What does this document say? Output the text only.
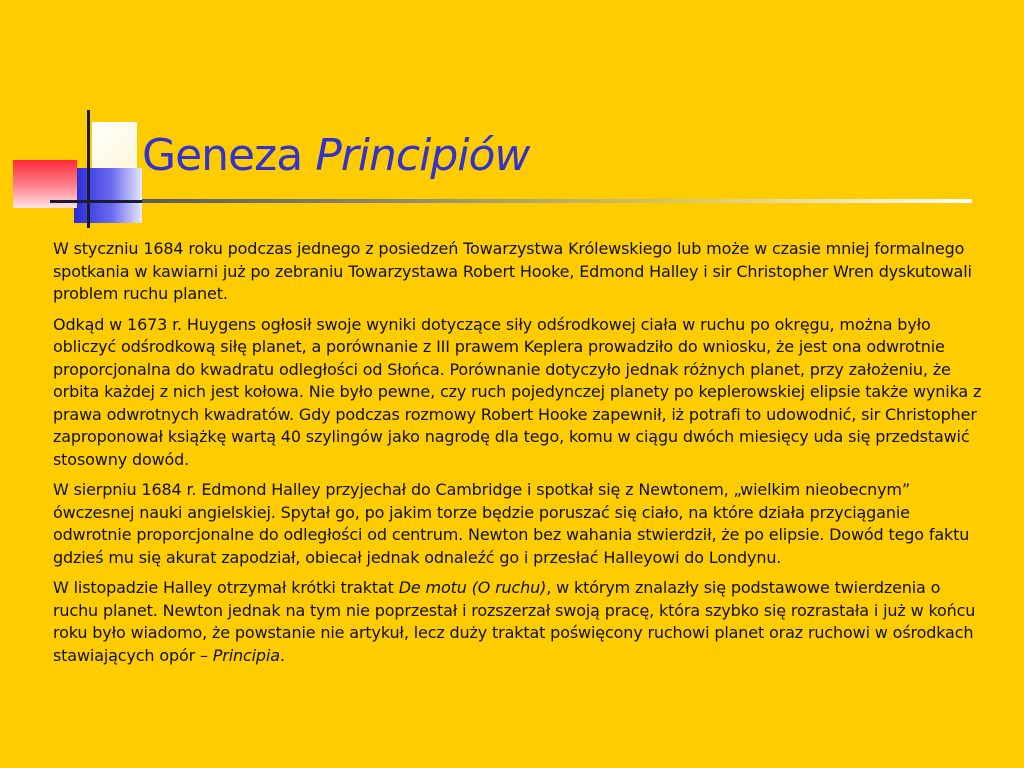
Geneza Principiów

W styczniu 1684 roku podczas jednego z posiedzeń Towarzystwa Królewskiego lub może w czasie mniej formalnego spotkania w kawiarni już po zebraniu Towarzystawa Robert Hooke, Edmond Halley i sir Christopher Wren dyskutowali problem ruchu planet.

Odkąd w 1673 r. Huygens ogłosił swoje wyniki dotyczące siły odśrodkowej ciała w ruchu po okręgu, można było obliczyć odśrodkową siłę planet, a porównanie z III prawem Keplera prowadziło do wniosku, że jest ona odwrotnie proporcjonalna do kwadratu odległości od Słońca. Porównanie dotyczyło jednak różnych planet, przy założeniu, że orbita każdej z nich jest kołowa. Nie było pewne, czy ruch pojedynczej planety po keplerowskiej elipsie także wynika z prawa odwrotnych kwadratów. Gdy podczas rozmowy Robert Hooke zapewnił, iż potrafi to udowodnić, sir Christopher zaproponował książkę wartą 40 szylingów jako nagrodę dla tego, komu w ciągu dwóch miesięcy uda się przedstawić stosowny dowód.

W sierpniu 1684 r. Edmond Halley przyjechał do Cambridge i spotkał się z Newtonem, „wielkim nieobecnym” ówczesnej nauki angielskiej. Spytał go, po jakim torze będzie poruszać się ciało, na które działa przyciąganie odwrotnie proporcjonalne do odległości od centrum. Newton bez wahania stwierdził, że po elipsie. Dowód tego faktu gdzieś mu się akurat zapodział, obiecał jednak odnaleźć go i przesłać Halleyowi do Londynu.

W listopadzie Halley otrzymał krótki traktat De motu (O ruchu), w którym znalazły się podstawowe twierdzenia o ruchu planet. Newton jednak na tym nie poprzestał i rozszerzał swoją pracę, która szybko się rozrastała i już w końcu roku było wiadomo, że powstanie nie artykuł, lecz duży traktat poświęcony ruchowi planet oraz ruchowi w ośrodkach stawiających opór – Principia.
